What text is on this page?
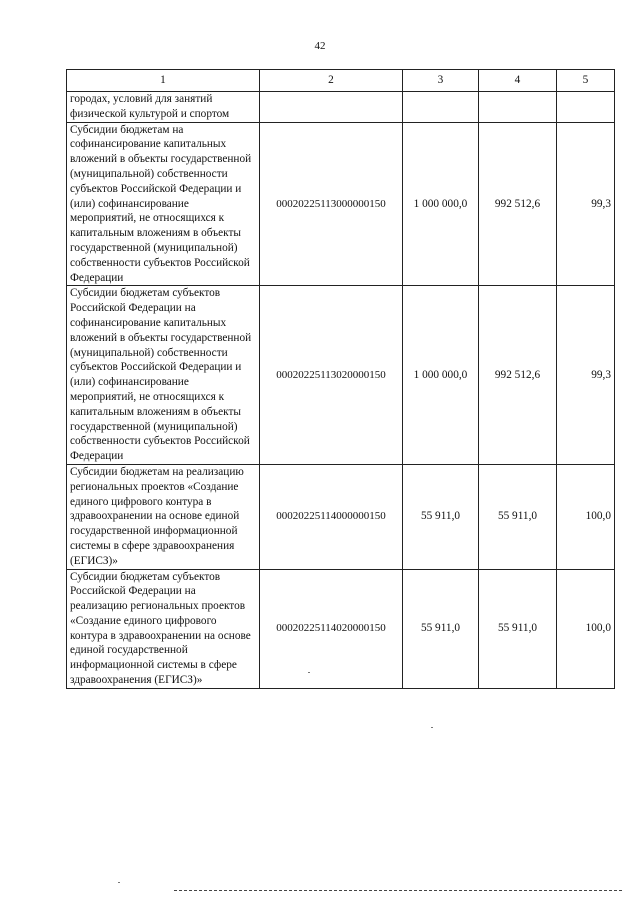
42
1	2	3	4	5
городах, условий для занятий физической культурой и спортом				
Субсидии бюджетам на софинансирование капитальных вложений в объекты государственной (муниципальной) собственности субъектов Российской Федерации и (или) софинансирование мероприятий, не относящихся к капитальным вложениям в объекты государственной (муниципальной) собственности субъектов Российской Федерации	00020225113000000150	1 000 000,0	992 512,6	99,3
Субсидии бюджетам субъектов Российской Федерации на софинансирование капитальных вложений в объекты государственной (муниципальной) собственности субъектов Российской Федерации и (или) софинансирование мероприятий, не относящихся к капитальным вложениям в объекты государственной (муниципальной) собственности субъектов Российской Федерации	00020225113020000150	1 000 000,0	992 512,6	99,3
Субсидии бюджетам на реализацию региональных проектов «Создание единого цифрового контура в здравоохранении на основе единой государственной информационной системы в сфере здравоохранения (ЕГИСЗ)»	00020225114000000150	55 911,0	55 911,0	100,0
Субсидии бюджетам субъектов Российской Федерации на реализацию региональных проектов «Создание единого цифрового контура в здравоохранении на основе единой государственной информационной системы в сфере здравоохранения (ЕГИСЗ)»	00020225114020000150	55 911,0	55 911,0	100,0
